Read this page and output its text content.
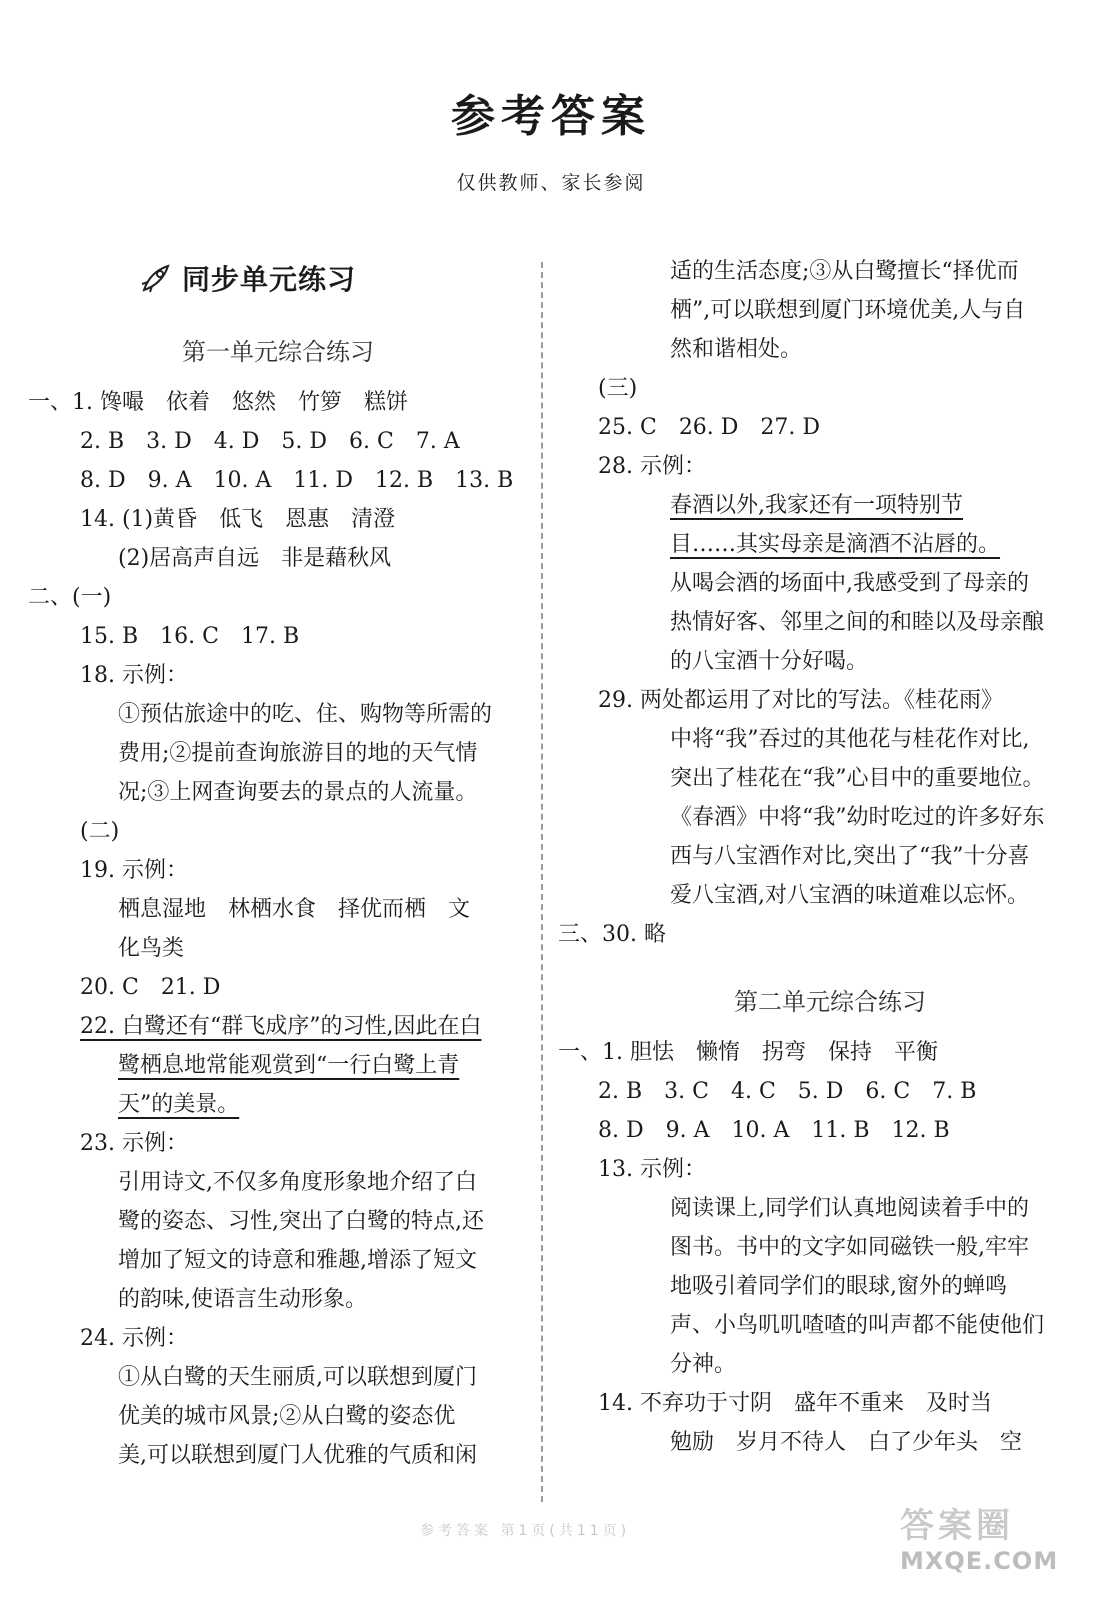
参考答案
仅供教师、家长参阅
同步单元练习
第一单元综合练习
一、1. 馋嘬　依着　悠然　竹箩　糕饼
2. B　3. D　4. D　5. D　6. C　7. A
8. D　9. A　10. A　11. D　12. B　13. B
14. (1)黄昏　低飞　恩惠　清澄
(2)居高声自远　非是藉秋风
二、(一)
15. B　16. C　17. B
18. 示例：
①预估旅途中的吃、住、购物等所需的
费用;②提前查询旅游目的地的天气情
况;③上网查询要去的景点的人流量。
(二)
19. 示例：
栖息湿地　林栖水食　择优而栖　文
化鸟类
20. C　21. D
22. 白鹭还有“群飞成序”的习性,因此在白
鹭栖息地常能观赏到“一行白鹭上青
天”的美景。
23. 示例：
引用诗文,不仅多角度形象地介绍了白
鹭的姿态、习性,突出了白鹭的特点,还
增加了短文的诗意和雅趣,增添了短文
的韵味,使语言生动形象。
24. 示例：
①从白鹭的天生丽质,可以联想到厦门
优美的城市风景;②从白鹭的姿态优
美,可以联想到厦门人优雅的气质和闲
适的生活态度;③从白鹭擅长“择优而
栖”,可以联想到厦门环境优美,人与自
然和谐相处。
(三)
25. C　26. D　27. D
28. 示例：
春酒以外,我家还有一项特别节
目……其实母亲是滴酒不沾唇的。
从喝会酒的场面中,我感受到了母亲的
热情好客、邻里之间的和睦以及母亲酿
的八宝酒十分好喝。
29. 两处都运用了对比的写法。《桂花雨》
中将“我”吞过的其他花与桂花作对比,
突出了桂花在“我”心目中的重要地位。
《春酒》中将“我”幼时吃过的许多好东
西与八宝酒作对比,突出了“我”十分喜
爱八宝酒,对八宝酒的味道难以忘怀。
三、30. 略
第二单元综合练习
一、1. 胆怯　懒惰　拐弯　保持　平衡
2. B　3. C　4. C　5. D　6. C　7. B
8. D　9. A　10. A　11. B　12. B
13. 示例：
阅读课上,同学们认真地阅读着手中的
图书。书中的文字如同磁铁一般,牢牢
地吸引着同学们的眼球,窗外的蝉鸣
声、小鸟叽叽喳喳的叫声都不能使他们
分神。
14. 不弃功于寸阴　盛年不重来　及时当
勉励　岁月不待人　白了少年头　空
参考答案 第1页(共11页)	答案圈
MXQE.COM
